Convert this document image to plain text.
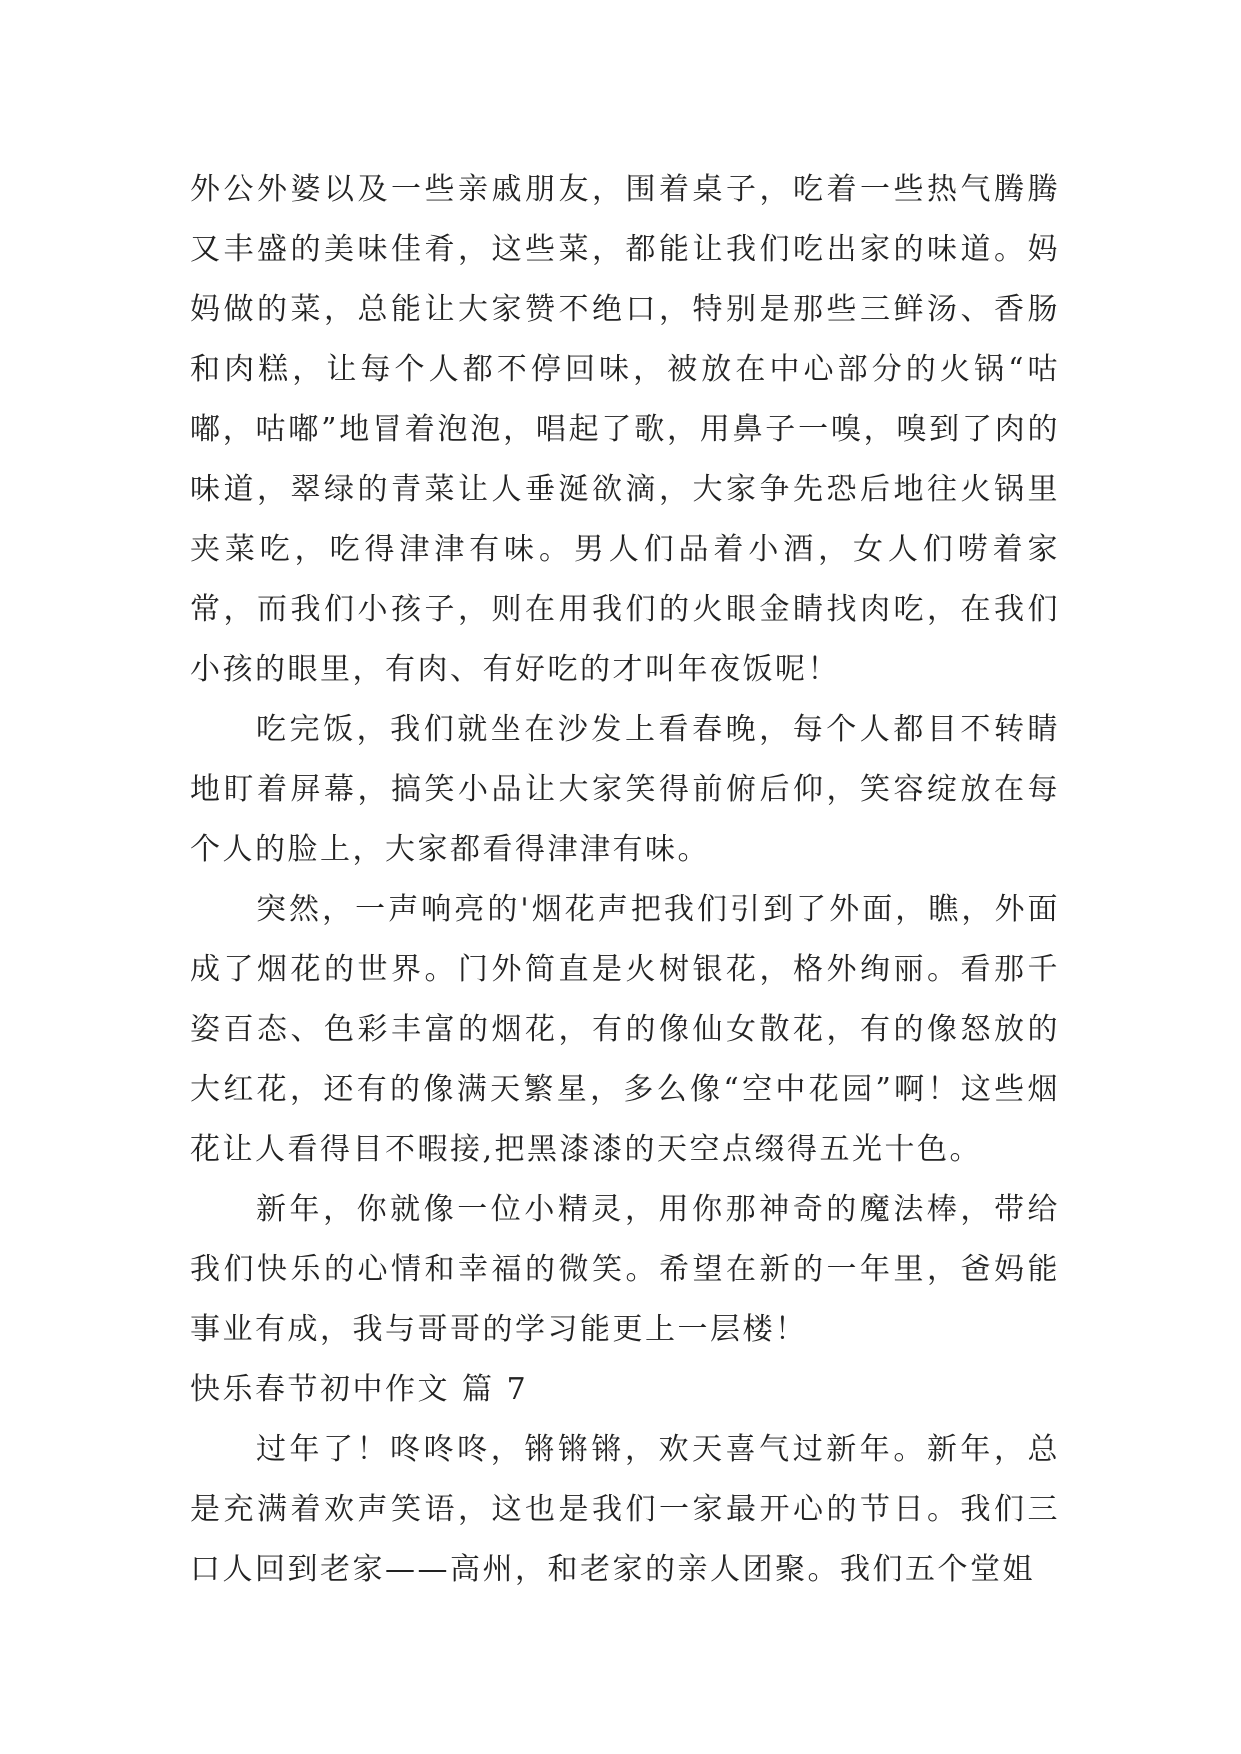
外公外婆以及一些亲戚朋友，围着桌子，吃着一些热气腾腾又丰盛的美味佳肴，这些菜，都能让我们吃出家的味道。妈妈做的菜，总能让大家赞不绝口，特别是那些三鲜汤、香肠和肉糕，让每个人都不停回味，被放在中心部分的火锅“咕嘟，咕嘟”地冒着泡泡，唱起了歌，用鼻子一嗅，嗅到了肉的味道，翠绿的青菜让人垂涎欲滴，大家争先恐后地往火锅里夹菜吃，吃得津津有味。男人们品着小酒，女人们唠着家常，而我们小孩子，则在用我们的火眼金睛找肉吃，在我们小孩的眼里，有肉、有好吃的才叫年夜饭呢！

吃完饭，我们就坐在沙发上看春晚，每个人都目不转睛地盯着屏幕，搞笑小品让大家笑得前俯后仰，笑容绽放在每个人的脸上，大家都看得津津有味。

突然，一声响亮的'烟花声把我们引到了外面，瞧，外面成了烟花的世界。门外简直是火树银花，格外绚丽。看那千姿百态、色彩丰富的烟花，有的像仙女散花，有的像怒放的大红花，还有的像满天繁星，多么像“空中花园”啊！这些烟花让人看得目不暇接,把黑漆漆的天空点缀得五光十色。

新年，你就像一位小精灵，用你那神奇的魔法棒，带给我们快乐的心情和幸福的微笑。希望在新的一年里，爸妈能事业有成，我与哥哥的学习能更上一层楼！

快乐春节初中作文 篇 7

过年了！咚咚咚，锵锵锵，欢天喜气过新年。新年，总是充满着欢声笑语，这也是我们一家最开心的节日。我们三口人回到老家——高州，和老家的亲人团聚。我们五个堂姐
